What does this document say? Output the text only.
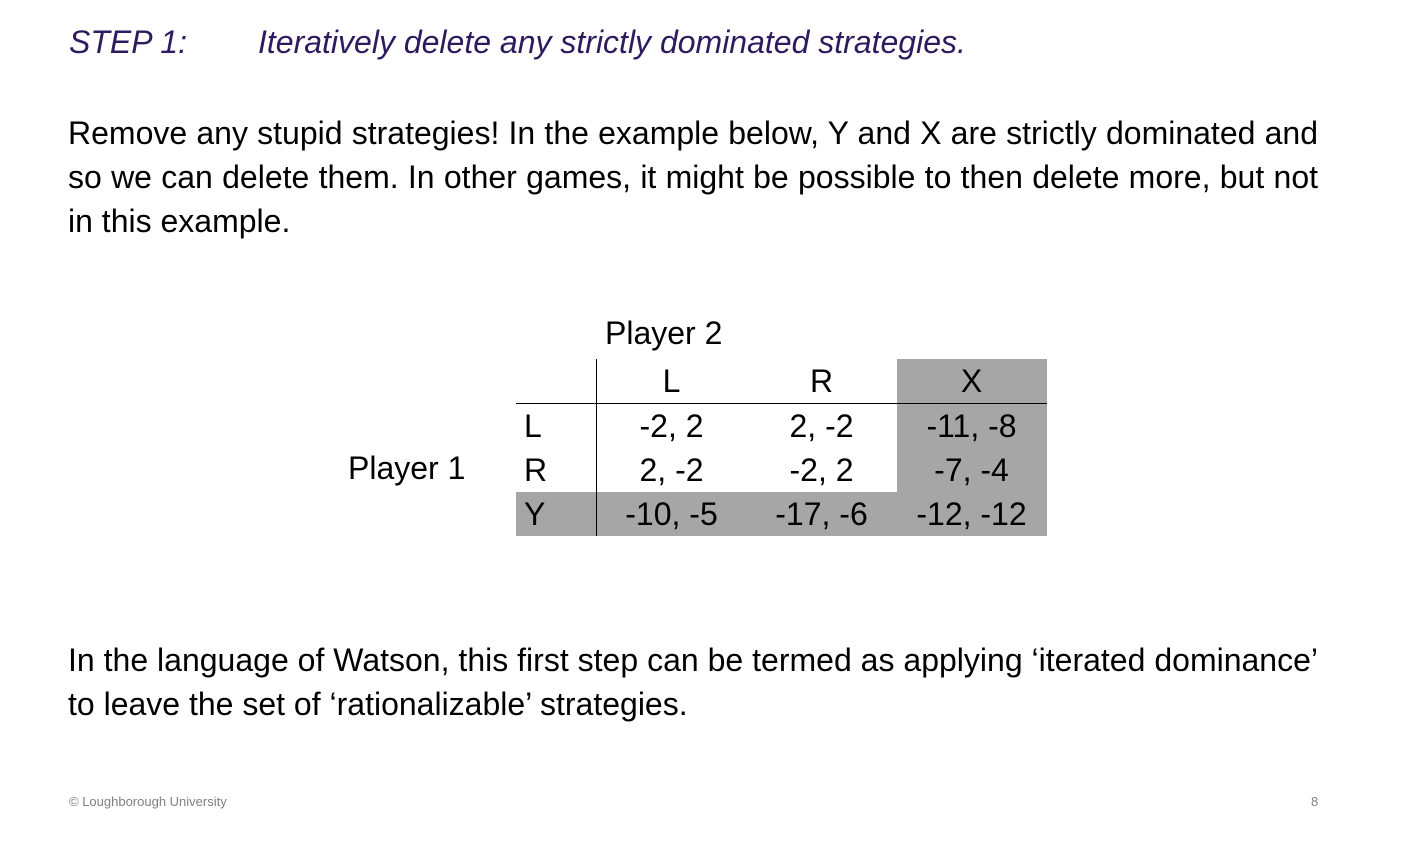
STEP 1: Iteratively delete any strictly dominated strategies.
Remove any stupid strategies! In the example below, Y and X are strictly dominated and so we can delete them. In other games, it might be possible to then delete more, but not in this example.
Player 2
Player 1
	L	R	X
L	-2, 2	2, -2	-11, -8
R	2, -2	-2, 2	-7, -4
Y	-10, -5	-17, -6	-12, -12
In the language of Watson, this first step can be termed as applying ‘iterated dominance’ to leave the set of ‘rationalizable’ strategies.
© Loughborough University	8
